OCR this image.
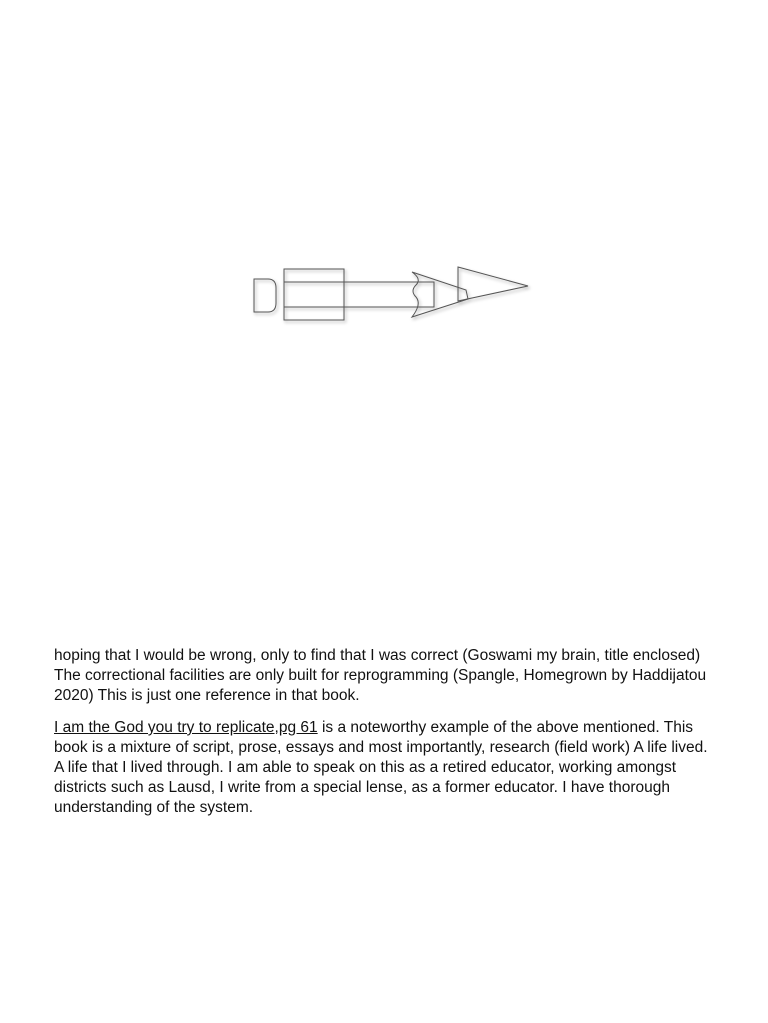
hoping that I would be wrong, only to find that I was correct (Goswami my brain, title enclosed) The correctional facilities are only built for reprogramming (Spangle, Homegrown by Haddijatou 2020) This is just one reference in that book.

I am the God you try to replicate,pg 61 is a noteworthy example of the above mentioned. This book is a mixture of script, prose, essays and most importantly, research (field work) A life lived. A life that I lived through. I am able to speak on this as a retired educator, working amongst districts such as Lausd, I write from a special lense, as a former educator. I have thorough understanding of the system.
